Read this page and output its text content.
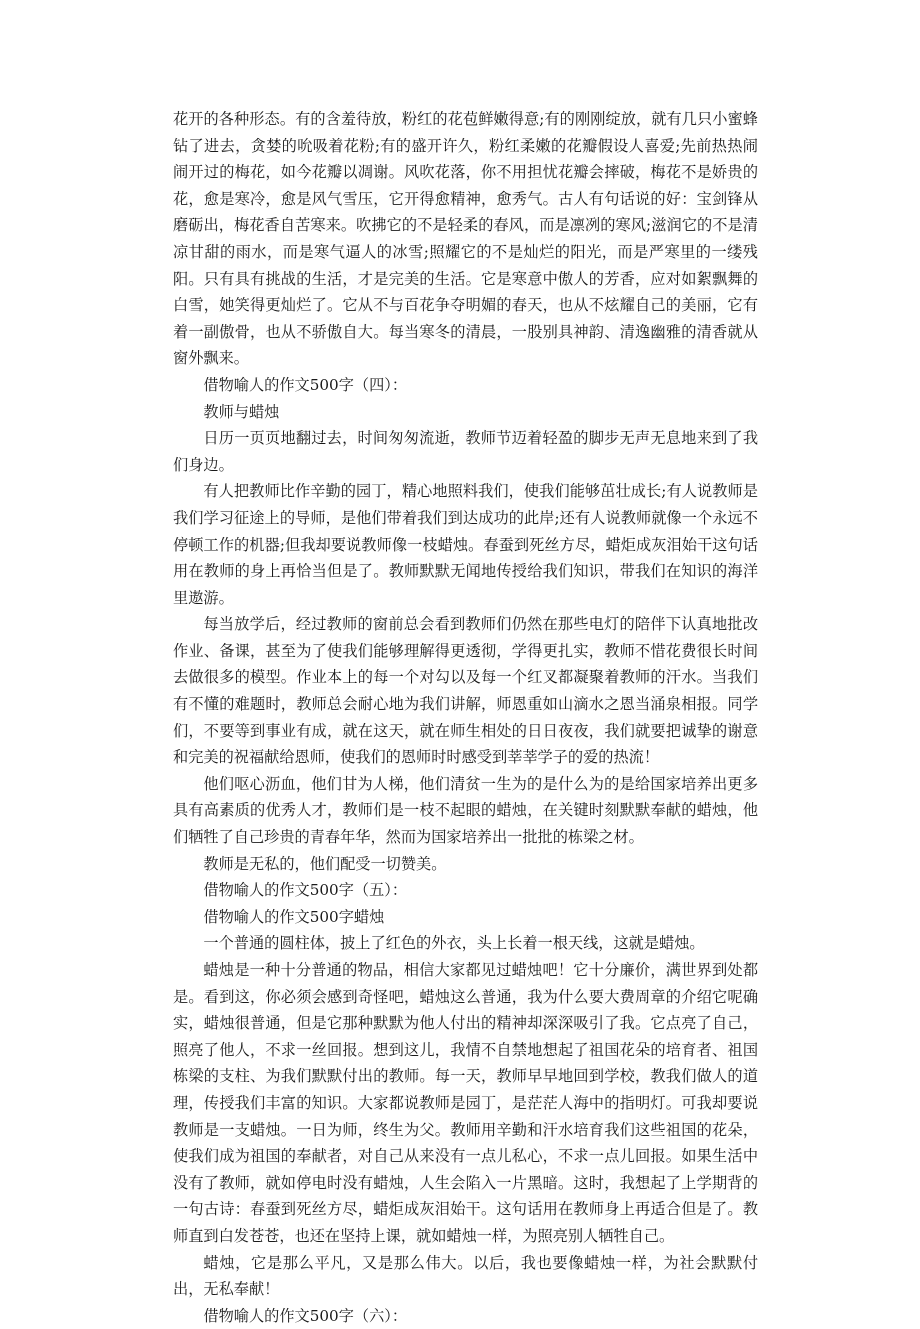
花开的各种形态。有的含羞待放，粉红的花苞鲜嫩得意;有的刚刚绽放，就有几只小蜜蜂钻了进去，贪婪的吮吸着花粉;有的盛开许久，粉红柔嫩的花瓣假设人喜爱;先前热热闹闹开过的梅花，如今花瓣以凋谢。风吹花落，你不用担忧花瓣会摔破，梅花不是娇贵的花，愈是寒冷，愈是风气雪压，它开得愈精神，愈秀气。古人有句话说的好：宝剑锋从磨砺出，梅花香自苦寒来。吹拂它的不是轻柔的春风，而是凛冽的寒风;滋润它的不是清凉甘甜的雨水，而是寒气逼人的冰雪;照耀它的不是灿烂的阳光，而是严寒里的一缕残阳。只有具有挑战的生活，才是完美的生活。它是寒意中傲人的芳香，应对如絮飘舞的白雪，她笑得更灿烂了。它从不与百花争夺明媚的春天，也从不炫耀自己的美丽，它有着一副傲骨，也从不骄傲自大。每当寒冬的清晨，一股别具神韵、清逸幽雅的清香就从窗外飘来。

借物喻人的作文500字（四）：

教师与蜡烛

日历一页页地翻过去，时间匆匆流逝，教师节迈着轻盈的脚步无声无息地来到了我们身边。

有人把教师比作辛勤的园丁，精心地照料我们，使我们能够茁壮成长;有人说教师是我们学习征途上的导师，是他们带着我们到达成功的此岸;还有人说教师就像一个永远不停顿工作的机器;但我却要说教师像一枝蜡烛。春蚕到死丝方尽，蜡炬成灰泪始干这句话用在教师的身上再恰当但是了。教师默默无闻地传授给我们知识，带我们在知识的海洋里遨游。

每当放学后，经过教师的窗前总会看到教师们仍然在那些电灯的陪伴下认真地批改作业、备课，甚至为了使我们能够理解得更透彻，学得更扎实，教师不惜花费很长时间去做很多的模型。作业本上的每一个对勾以及每一个红叉都凝聚着教师的汗水。当我们有不懂的难题时，教师总会耐心地为我们讲解，师恩重如山滴水之恩当涌泉相报。同学们，不要等到事业有成，就在这天，就在师生相处的日日夜夜，我们就要把诚挚的谢意和完美的祝福献给恩师，使我们的恩师时时感受到莘莘学子的爱的热流！

他们呕心沥血，他们甘为人梯，他们清贫一生为的是什么为的是给国家培养出更多具有高素质的优秀人才，教师们是一枝不起眼的蜡烛，在关键时刻默默奉献的蜡烛，他们牺牲了自己珍贵的青春年华，然而为国家培养出一批批的栋梁之材。

教师是无私的，他们配受一切赞美。

借物喻人的作文500字（五）：

借物喻人的作文500字蜡烛

一个普通的圆柱体，披上了红色的外衣，头上长着一根天线，这就是蜡烛。

蜡烛是一种十分普通的物品，相信大家都见过蜡烛吧！它十分廉价，满世界到处都是。看到这，你必须会感到奇怪吧，蜡烛这么普通，我为什么要大费周章的介绍它呢确实，蜡烛很普通，但是它那种默默为他人付出的精神却深深吸引了我。它点亮了自己，照亮了他人，不求一丝回报。想到这儿，我情不自禁地想起了祖国花朵的培育者、祖国栋梁的支柱、为我们默默付出的教师。每一天，教师早早地回到学校，教我们做人的道理，传授我们丰富的知识。大家都说教师是园丁，是茫茫人海中的指明灯。可我却要说教师是一支蜡烛。一日为师，终生为父。教师用辛勤和汗水培育我们这些祖国的花朵，使我们成为祖国的奉献者，对自己从来没有一点儿私心，不求一点儿回报。如果生活中没有了教师，就如停电时没有蜡烛，人生会陷入一片黑暗。这时，我想起了上学期背的一句古诗：春蚕到死丝方尽，蜡炬成灰泪始干。这句话用在教师身上再适合但是了。教师直到白发苍苍，也还在坚持上课，就如蜡烛一样，为照亮别人牺牲自己。

蜡烛，它是那么平凡，又是那么伟大。以后，我也要像蜡烛一样，为社会默默付出，无私奉献！

借物喻人的作文500字（六）：
